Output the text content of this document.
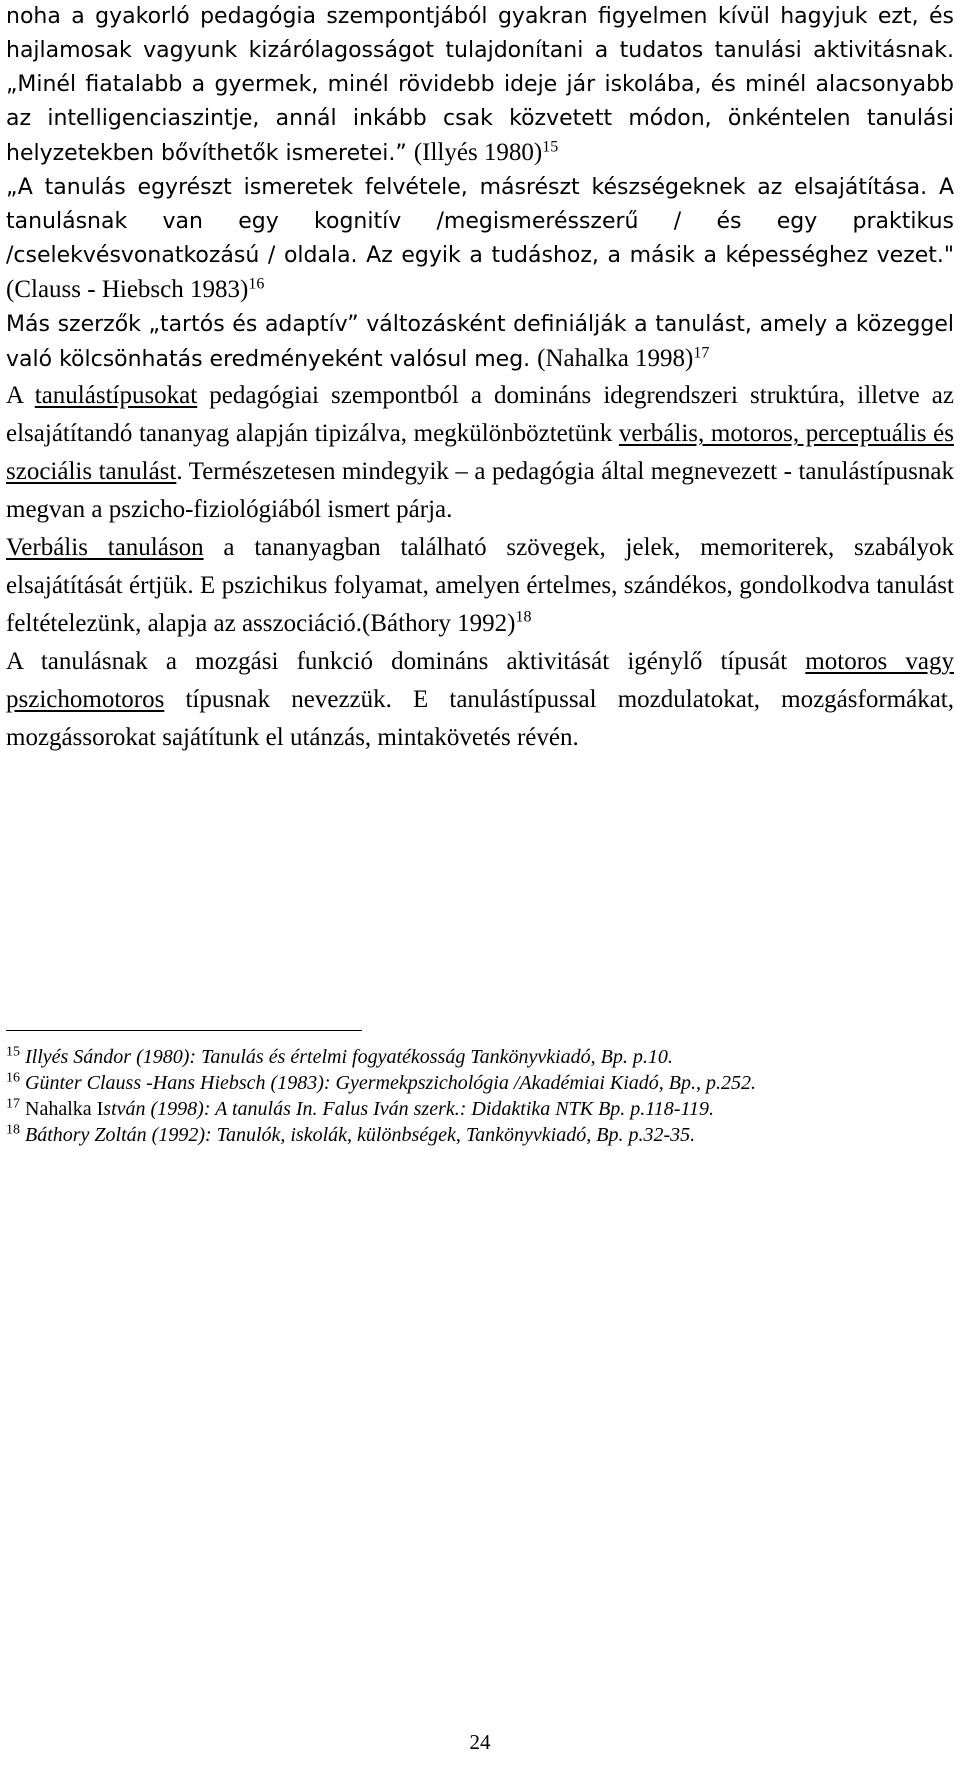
noha a gyakorló pedagógia szempontjából gyakran figyelmen kívül hagyjuk ezt, és hajlamosak vagyunk kizárólagosságot tulajdonítani a tudatos tanulási aktivitásnak. „Minél fiatalabb a gyermek, minél rövidebb ideje jár iskolába, és minél alacsonyabb az intelligenciaszintje, annál inkább csak közvetett módon, önkéntelen tanulási helyzetekben bővíthetők ismeretei.” (Illyés 1980)$^{15}$
„A tanulás egyrészt ismeretek felvétele, másrészt készségeknek az elsajátítása. A tanulásnak van egy kognitív /megismerésszerű / és egy praktikus /cselekvésvonatkozású / oldala. Az egyik a tudáshoz, a másik a képességhez vezet."(Clauss - Hiebsch 1983)$^{16}$
Más szerzők „tartós és adaptív” változásként definiálják a tanulást, amely a közeggel való kölcsönhatás eredményeként valósul meg. (Nahalka 1998)$^{17}$
A tanulástípusokat pedagógiai szempontból a domináns idegrendszeri struktúra, illetve az elsajátítandó tananyag alapján tipizálva, megkülönböztetünk verbális, motoros, perceptuális és szociális tanulást. Természetesen mindegyik – a pedagógia által megnevezett - tanulástípusnak megvan a pszicho-fiziológiából ismert párja.
Verbális tanuláson a tananyagban található szövegek, jelek, memoriterek, szabályok elsajátítását értjük. E pszichikus folyamat, amelyen értelmes, szándékos, gondolkodva tanulást feltételezünk, alapja az asszociáció.(Báthory 1992)$^{18}$
A tanulásnak a mozgási funkció domináns aktivitását igénylő típusát motoros vagy pszichomotoros típusnak nevezzük. E tanulástípussal mozdulatokat, mozgásformákat, mozgássorokat sajátítunk el utánzás, mintakövetés révén.

$^{15}$ Illyés Sándor (1980): Tanulás és értelmi fogyatékosság Tankönyvkiadó, Bp. p.10.

$^{16}$ Günter Clauss -Hans Hiebsch (1983): Gyermekpszichológia /Akadémiai Kiadó, Bp., p.252.

$^{17}$ Nahalka István (1998): A tanulás In. Falus Iván szerk.: Didaktika NTK Bp. p.118-119.

$^{18}$ Báthory Zoltán (1992): Tanulók, iskolák, különbségek, Tankönyvkiadó, Bp. p.32-35.

24
